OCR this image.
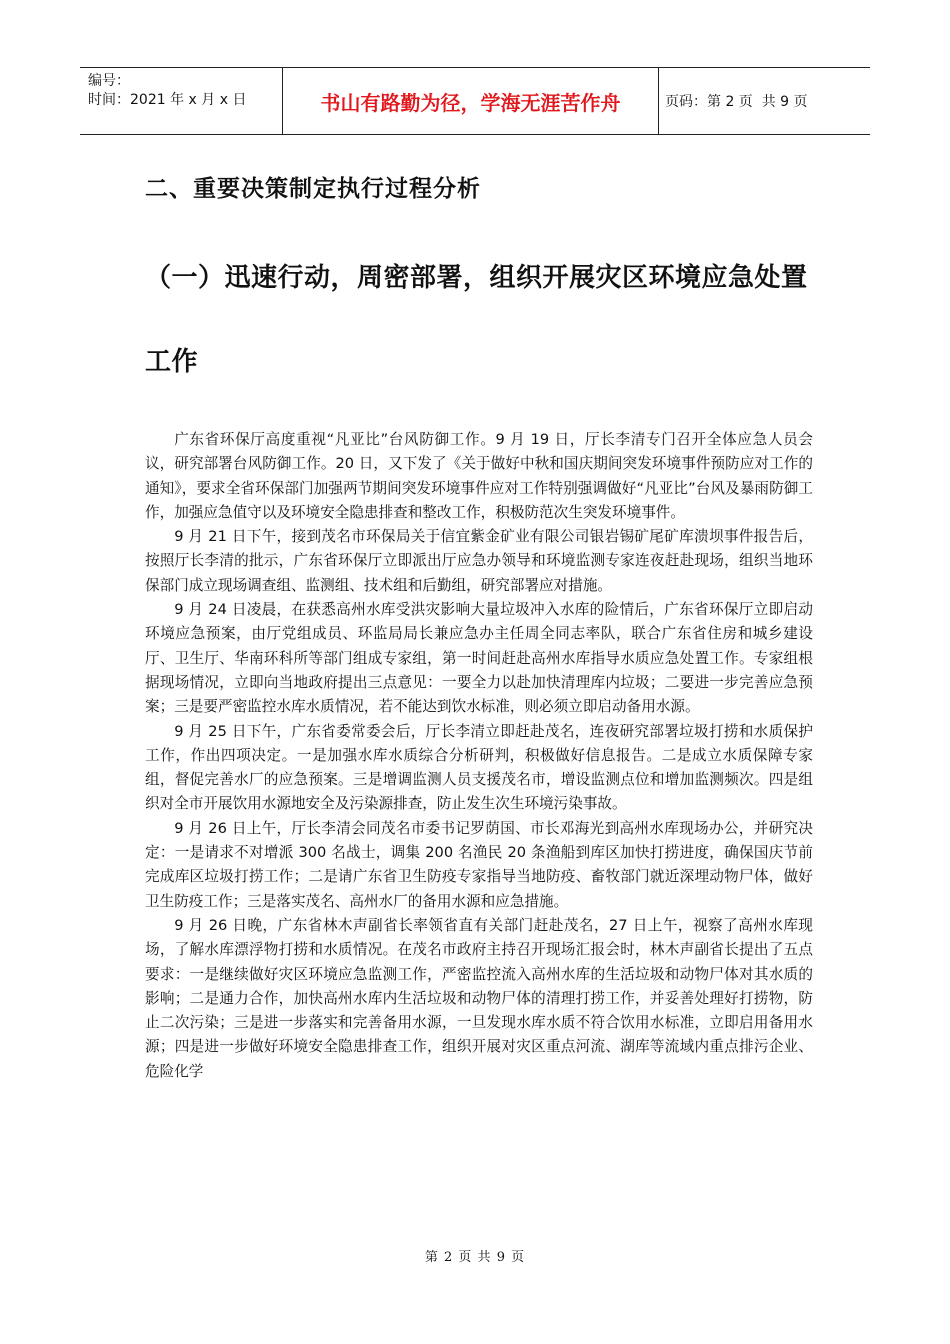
编号：
时间：2021 年 x 月 x 日	书山有路勤为径，学海无涯苦作舟	页码：第 2 页  共 9 页
二、重要决策制定执行过程分析
（一）迅速行动，周密部署，组织开展灾区环境应急处置
工作

广东省环保厅高度重视“凡亚比”台风防御工作。9 月 19 日，厅长李清专门召开全体应急人员会议，研究部署台风防御工作。20 日，又下发了《关于做好中秋和国庆期间突发环境事件预防应对工作的通知》，要求全省环保部门加强两节期间突发环境事件应对工作特别强调做好“凡亚比”台风及暴雨防御工作，加强应急值守以及环境安全隐患排查和整改工作，积极防范次生突发环境事件。

9 月 21 日下午，接到茂名市环保局关于信宜紫金矿业有限公司银岩锡矿尾矿库溃坝事件报告后，按照厅长李清的批示，广东省环保厅立即派出厅应急办领导和环境监测专家连夜赶赴现场，组织当地环保部门成立现场调查组、监测组、技术组和后勤组，研究部署应对措施。

9 月 24 日凌晨，在获悉高州水库受洪灾影响大量垃圾冲入水库的险情后，广东省环保厅立即启动环境应急预案，由厅党组成员、环监局局长兼应急办主任周全同志率队，联合广东省住房和城乡建设厅、卫生厅、华南环科所等部门组成专家组，第一时间赶赴高州水库指导水质应急处置工作。专家组根据现场情况，立即向当地政府提出三点意见：一要全力以赴加快清理库内垃圾；二要进一步完善应急预案；三是要严密监控水库水质情况，若不能达到饮水标准，则必须立即启动备用水源。

9 月 25 日下午，广东省委常委会后，厅长李清立即赶赴茂名，连夜研究部署垃圾打捞和水质保护工作，作出四项决定。一是加强水库水质综合分析研判，积极做好信息报告。二是成立水质保障专家组，督促完善水厂的应急预案。三是增调监测人员支援茂名市，增设监测点位和增加监测频次。四是组织对全市开展饮用水源地安全及污染源排查，防止发生次生环境污染事故。

9 月 26 日上午，厅长李清会同茂名市委书记罗荫国、市长邓海光到高州水库现场办公，并研究决定：一是请求不对增派 300 名战士，调集 200 名渔民 20 条渔船到库区加快打捞进度，确保国庆节前完成库区垃圾打捞工作；二是请广东省卫生防疫专家指导当地防疫、畜牧部门就近深埋动物尸体，做好卫生防疫工作；三是落实茂名、高州水厂的备用水源和应急措施。

9 月 26 日晚，广东省林木声副省长率领省直有关部门赶赴茂名，27 日上午，视察了高州水库现场，了解水库漂浮物打捞和水质情况。在茂名市政府主持召开现场汇报会时，林木声副省长提出了五点要求：一是继续做好灾区环境应急监测工作，严密监控流入高州水库的生活垃圾和动物尸体对其水质的影响；二是通力合作，加快高州水库内生活垃圾和动物尸体的清理打捞工作，并妥善处理好打捞物，防止二次污染；三是进一步落实和完善备用水源，一旦发现水库水质不符合饮用水标准，立即启用备用水源；四是进一步做好环境安全隐患排查工作，组织开展对灾区重点河流、湖库等流域内重点排污企业、危险化学

第 2 页 共 9 页
